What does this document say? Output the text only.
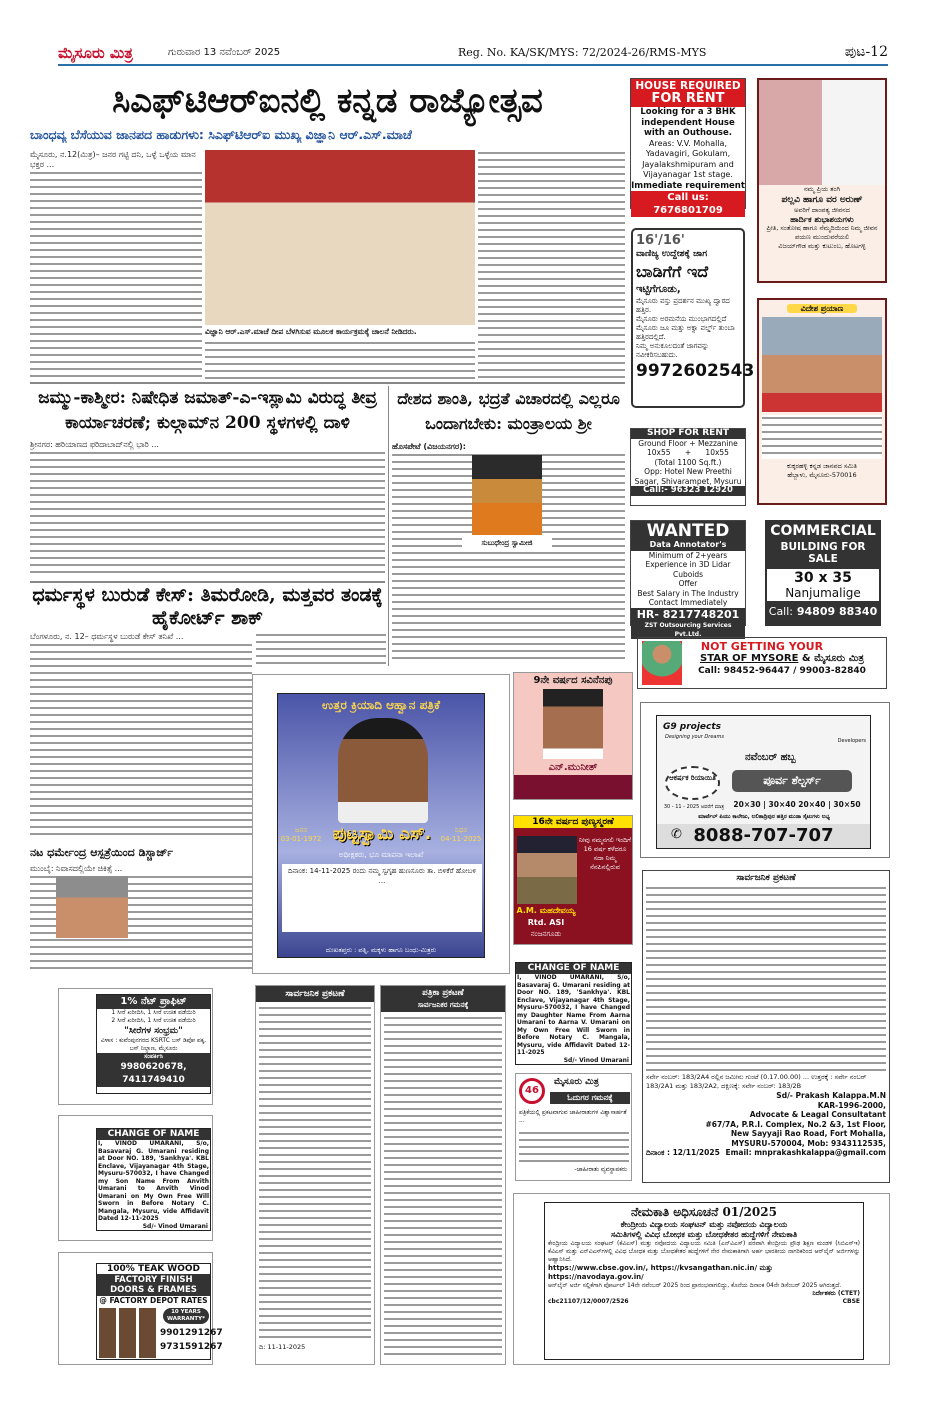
ಮೈಸೂರು ಮಿತ್ರ	ಗುರುವಾರ 13 ನವೆಂಬರ್ 2025	Reg. No. KA/SK/MYS: 72/2024-26/RMS-MYS	ಪುಟ-12
ಸಿಎಫ್‌ಟಿಆರ್‌ಐನಲ್ಲಿ ಕನ್ನಡ ರಾಜ್ಯೋತ್ಸವ
ಬಾಂಧವ್ಯ ಬೆಸೆಯುವ ಜಾನಪದ ಹಾಡುಗಳು: ಸಿಎಫ್‌ಟಿಆರ್‌ಐ ಮುಖ್ಯ ವಿಜ್ಞಾನಿ ಆರ್.ಎಸ್.ಮಾಚೆ
ಮೈಸೂರು, ನ.12(ಮಿತ್ರ)– ಜನರ ಗಟ್ಟಿ ದನಿ, ಒಳ್ಳೆ ಒಳ್ಳೆಯ ಮಾನ ಭಕ್ತರ ...
ವಿಜ್ಞಾನಿ ಆರ್.ಎಸ್.ಮಾಚೆ ದೀಪ ಬೆಳಗಿಸುವ ಮೂಲಕ ಕಾರ್ಯಕ್ರಮಕ್ಕೆ ಚಾಲನೆ ನೀಡಿದರು.
ಜಮ್ಮು-ಕಾಶ್ಮೀರ: ನಿಷೇಧಿತ ಜಮಾತ್-ಎ-ಇಸ್ಲಾಮಿ ವಿರುದ್ಧ ತೀವ್ರ ಕಾರ್ಯಾಚರಣೆ; ಕುಲ್ಗಾಮ್‌ನ 200 ಸ್ಥಳಗಳಲ್ಲಿ ದಾಳಿ
ಶ್ರೀನಗರ: ಹರಿಯಾಣದ ಫರಿದಾಬಾದ್‌ನಲ್ಲಿ ಭಾರಿ ...
ದೇಶದ ಶಾಂತಿ, ಭದ್ರತೆ ವಿಚಾರದಲ್ಲಿ ಎಲ್ಲರೂ ಒಂದಾಗಬೇಕು: ಮಂತ್ರಾಲಯ ಶ್ರೀ
ಹೊಸಪೇಟೆ (ವಿಜಯನಗರ):
ಸುಬುಧೇಂದ್ರ ಸ್ವಾಮೀಜಿ
ಧರ್ಮಸ್ಥಳ ಬುರುಡೆ ಕೇಸ್: ತಿಮರೋಡಿ, ಮತ್ತವರ ತಂಡಕ್ಕೆ ಹೈಕೋರ್ಟ್ ಶಾಕ್
ಬೆಂಗಳೂರು, ನ. 12– ಧರ್ಮಸ್ಥಳ ಬುರುಡೆ ಕೇಸ್ ತನಿಖೆ ...
ನಟ ಧರ್ಮೇಂದ್ರ ಆಸ್ಪತ್ರೆಯಿಂದ ಡಿಸ್ಚಾರ್ಜ್
ಮುಂಬೈ: ನಿವಾಸದಲ್ಲಿಯೇ ಚಿಕಿತ್ಸೆ ...
ಉತ್ತರ ಕ್ರಿಯಾದಿ ಆಹ್ವಾನ ಪತ್ರಿಕೆ
ಪುಟ್ಟಸ್ವಾಮಿ ಎಸ್.
ಜನನ
03-01-1972
ನಿಧನ
04-11-2025
ಅಧೀಕ್ಷಕರು, ಭೂ ಮಾಪನಾ ಇಲಾಖೆ
ದಿನಾಂಕ: 14-11-2025 ರಂದು ನಮ್ಮ ಸ್ವಗೃಹ ಹುಣಸೂರು ತಾ. ಬಿಳಿಕೆರೆ ಹೋಬಳಿ ...
ದುಃಖತಪ್ತರು : ಪತ್ನಿ, ಮಕ್ಕಳು ಹಾಗೂ ಬಂಧು-ಮಿತ್ರರು
9ನೇ ವರ್ಷದ ಸವಿನೆನಪು
ಎನ್.ಮುನೀತ್
16ನೇ ವರ್ಷದ ಪುಣ್ಯಸ್ಮರಣೆ
ನೀವು ನಮ್ಮನಗಲಿ ಇಂದಿಗೆ 16 ವರ್ಷ ಕಳೆದರೂ ಸದಾ ನಿಮ್ಮ ನೆನಪಿನಲ್ಲಿರುವ
A.M. ಮಹದೇವಯ್ಯ
Rtd. ASI
ನಂಜನಗೂಡು
HOUSE REQUIRED
FOR RENT
Looking for a 3 BHK
independent House
with an Outhouse.
Areas: V.V. Mohalla, Yadavagiri, Gokulam, Jayalakshmipuram and Vijayanagar 1st stage.
Immediate requirement
Call us: 7676801709
ನಮ್ಮ ಪ್ರಿಯ ತಂಗಿ
ಪಲ್ಲವಿ ಹಾಗೂ ವರ ಅರುಣ್
ಅವರಿಗೆ ದಾಂಪತ್ಯ ಜೀವನದ
ಹಾರ್ದಿಕ ಶುಭಾಶಯಗಳು
ಪ್ರೀತಿ, ಸಂತೋಷ ಹಾಗೂ ನೆಮ್ಮದಿಯಿಂದ ನಿಮ್ಮ ಜೀವನ ಪಯಣ ಮುಂದುವರೆಯಲಿ
ವಿಜಯ್‌ಗೌಡ ಮತ್ತು ಕುಟುಂಬ, ಹೊಟಗಳ್ಳಿ
16'/16'
ವಾಣಿಜ್ಯ ಉದ್ದೇಶಕ್ಕೆ ಜಾಗ
ಬಾಡಿಗೆಗೆ ಇದೆ
ಇಟ್ಟಿಗೆಗೂಡು,
ಮೈಸೂರು ವಸ್ತು ಪ್ರದರ್ಶನ ಮುಖ್ಯ ದ್ವಾರದ ಹತ್ತಿರ.
ಮೈಸೂರು ಅರಮನೆಯ ಮುಂಭಾಗದಲ್ಲಿದೆ
ಮೈಸೂರು ಜೂ ಮತ್ತು ಅಕ್ವಾ ವರ್ಲ್ಡ್ ತುಂಬಾ ಹತ್ತಿರದಲ್ಲಿದೆ.
ನಿಮ್ಮ ಅನುಕೂಲದಂತೆ ಜಾಗವನ್ನು ನವೀಕರಿಸಬಹುದು.
9972602543
ವಿದೇಶ ಪ್ರಯಾಣ
ಕುಕ್ಕರಹಳ್ಳಿ ಕನ್ನಡ ಜಾನಪದ ಸಮಿತಿ
ಹೆಬ್ಬಾಳು, ಮೈಸೂರು-570016
SHOP FOR RENT
Ground Floor + Mezzanine
10x55      +      10x55
(Total 1100 Sq.ft.)
Opp: Hotel New Preethi Sagar, Shivarampet, Mysuru
Call:- 96323 12920
WANTED
Data Annotator's
Minimum of 2+years
Experience in 3D Lidar Cuboids
Offer
Best Salary in The Industry
Contact Immediately
HR- 8217748201
ZST Outsourcing Services Pvt.Ltd.
COMMERCIAL
BUILDING FOR SALE
30 x 35
Nanjumalige
Call: 94809 88340
NOT GETTING YOUR
STAR OF MYSORE & ಮೈಸೂರು ಮಿತ್ರ
Call: 98452-96447 / 99003-82840
G9 projects
Designing your Dreams
Developers
ನವೆಂಬರ್ ಹಬ್ಬ
ಆಕರ್ಷಕ ರಿಯಾಯಿತಿ
30 - 11 - 2025 ಅವರೆಗೆ ಮಾತ್ರ
ಪೂರ್ವ ಶೆಲ್ಟರ್ಸ್
20×30 | 30×40 20×40 | 30×50
ಮಾರ್ಟೆಲ್ ಪಿಯು ಕಾಲೇಜು, ಲಲಿತಾದ್ರಿಪುರ ಹತ್ತಿರ ಮುಡಾ ಸೈಟುಗಳು ಲಭ್ಯ
✆ 8088-707-707
ಸಾರ್ವಜನಿಕ ಪ್ರಕಟಣೆ
ಸರ್ವೇ ನಂಬರ್: 183/2A4 ರಲ್ಲಿನ ಜಮೀನು ಗುಂಟೆ (0.17.00.00) ... ಉತ್ತರಕ್ಕೆ : ಸರ್ವೇ ನಂಬರ್ 183/2A1 ಮತ್ತು 183/2A2, ದಕ್ಷಿಣಕ್ಕೆ: ಸರ್ವೇ ನಂಬರ್: 183/2B
Sd/- Prakash Kalappa.M.N
KAR-1996-2000,
Advocate & Leagal Consultatant
#67/7A, P.R.I. Complex, No.2 &3, 1st Floor,
New Sayyaji Rao Road, Fort Mohalla,
MYSURU-570004, Mob: 9343112535,
ದಿನಾಂಕ : 12/11/2025 Email: mnprakashkalappa@gmail.com
1% ನೆಟ್ ಪ್ರಾಫಿಟ್
1 ಸೀರೆ ಖರೀದಿಸಿ, 1 ಸೀರೆ ಉಚಿತ ಪಡೆಯಿರಿ
2 ಸೀರೆ ಖರೀದಿಸಿ, 1 ಸೀರೆ ಉಚಿತ ಪಡೆಯಿರಿ
"ಸೀರೆಗಳ ಸಂಭ್ರಮ"
ವಿಳಾಸ : ಕುವೆಂಪುನಗರದ KSRTC ಬಸ್ ಡಿಪೋ ಪಕ್ಕ, ಬಸ್ ನಿಲ್ದಾಣ, ಮೈಸೂರು
ಸಂಪರ್ಕಿಸಿ
9980620678, 7411749410
CHANGE OF NAME
I, VINOD UMARANI, S/o, Basavaraj G. Umarani residing at Door NO. 189, 'Sankhya'. KBL Enclave, Vijayanagar 4th Stage, Mysuru-570032, I have Changed my Son Name From Anvith Umarani to Anvith Vinod Umarani on My Own Free Will Sworn in Before Notary C. Mangala, Mysuru, vide Affidavit Dated 12-11-2025
Sd/- Vinod Umarani
100% TEAK WOOD
FACTORY FINISH
DOORS & FRAMES
@ FACTORY DEPOT RATES
10 YEARS WARRANTY*
9901291267
9731591267
ಸಾರ್ವಜನಿಕ ಪ್ರಕಟಣೆ
ದಿ: 11-11-2025
ಪತ್ರಿಕಾ ಪ್ರಕಟಣೆ
ಸಾರ್ವಜನಿಕರ ಗಮನಕ್ಕೆ
CHANGE OF NAME
I, VINOD UMARANI, S/o, Basavaraj G. Umarani residing at Door NO. 189, 'Sankhya'. KBL Enclave, Vijayanagar 4th Stage, Mysuru-570032, I have Changed my Daughter Name From Aarna Umarani to Aarna V. Umarani on My Own Free Will Sworn in Before Notary C. Mangala, Mysuru, vide Affidavit Dated 12-11-2025
Sd/- Vinod Umarani
46
ಮೈಸೂರು ಮಿತ್ರ
ಓದುಗರ ಗಮನಕ್ಕೆ
ಪತ್ರಿಕೆಯಲ್ಲಿ ಪ್ರಕಟವಾಗುವ ಜಾಹೀರಾತುಗಳ ವಿಶ್ವಾಸಾರ್ಹತೆ ...
-ಜಾಹೀರಾತು ವ್ಯವಸ್ಥಾಪಕರು
ನೇಮಕಾತಿ ಅಧಿಸೂಚನೆ 01/2025
ಕೇಂದ್ರೀಯ ವಿದ್ಯಾಲಯ ಸಂಘಟನ್ ಮತ್ತು ನವೋದಯ ವಿದ್ಯಾಲಯ
ಸಮಿತಿಗಳಲ್ಲಿ ವಿವಿಧ ಬೋಧಕ ಮತ್ತು ಬೋಧಕೇತರ ಹುದ್ದೆಗಳಿಗೆ ನೇಮಕಾತಿ
ಕೇಂದ್ರೀಯ ವಿದ್ಯಾಲಯ ಸಂಘಟನ್ (ಕೆವಿಎಸ್) ಮತ್ತು ನವೋದಯ ವಿದ್ಯಾಲಯ ಸಮಿತಿ (ಎನ್‌ವಿಎಸ್) ಪರವಾಗಿ ಕೇಂದ್ರೀಯ ಪ್ರೌಢ ಶಿಕ್ಷಣ ಮಂಡಳಿ (ಸಿಬಿಎಸ್‌ಇ) ಕೆವಿಎಸ್ ಮತ್ತು ಎನ್‌ವಿಎಸ್‌ಗಳಲ್ಲಿ ವಿವಿಧ ಬೋಧಕ ಮತ್ತು ಬೋಧಕೇತರ ಹುದ್ದೆಗಳಿಗೆ ನೇರ ನೇಮಕಾತಿಗಾಗಿ ಅರ್ಹ ಭಾರತೀಯ ನಾಗರಿಕರಿಂದ ಆನ್‌ಲೈನ್ ಅರ್ಜಿಗಳನ್ನು ಆಹ್ವಾನಿಸಿದೆ.
https://www.cbse.gov.in/, https://kvsangathan.nic.in/ ಮತ್ತು https://navodaya.gov.in/
ಆನ್‌ಲೈನ್ ಅರ್ಜಿ ಸಲ್ಲಿಕೆಗಾಗಿ ಪೋರ್ಟಲ್ 14ನೇ ನವೆಂಬರ್ 2025 ರಿಂದ ಪ್ರಾರಂಭವಾಗಲಿದ್ದು, ಕೊನೆಯ ದಿನಾಂಕ 04ನೇ ಡಿಸೆಂಬರ್ 2025 ಆಗಿರುತ್ತದೆ.
ನಿರ್ದೇಶಕರು (CTET)
cbc21107/12/0007/2526	CBSE
